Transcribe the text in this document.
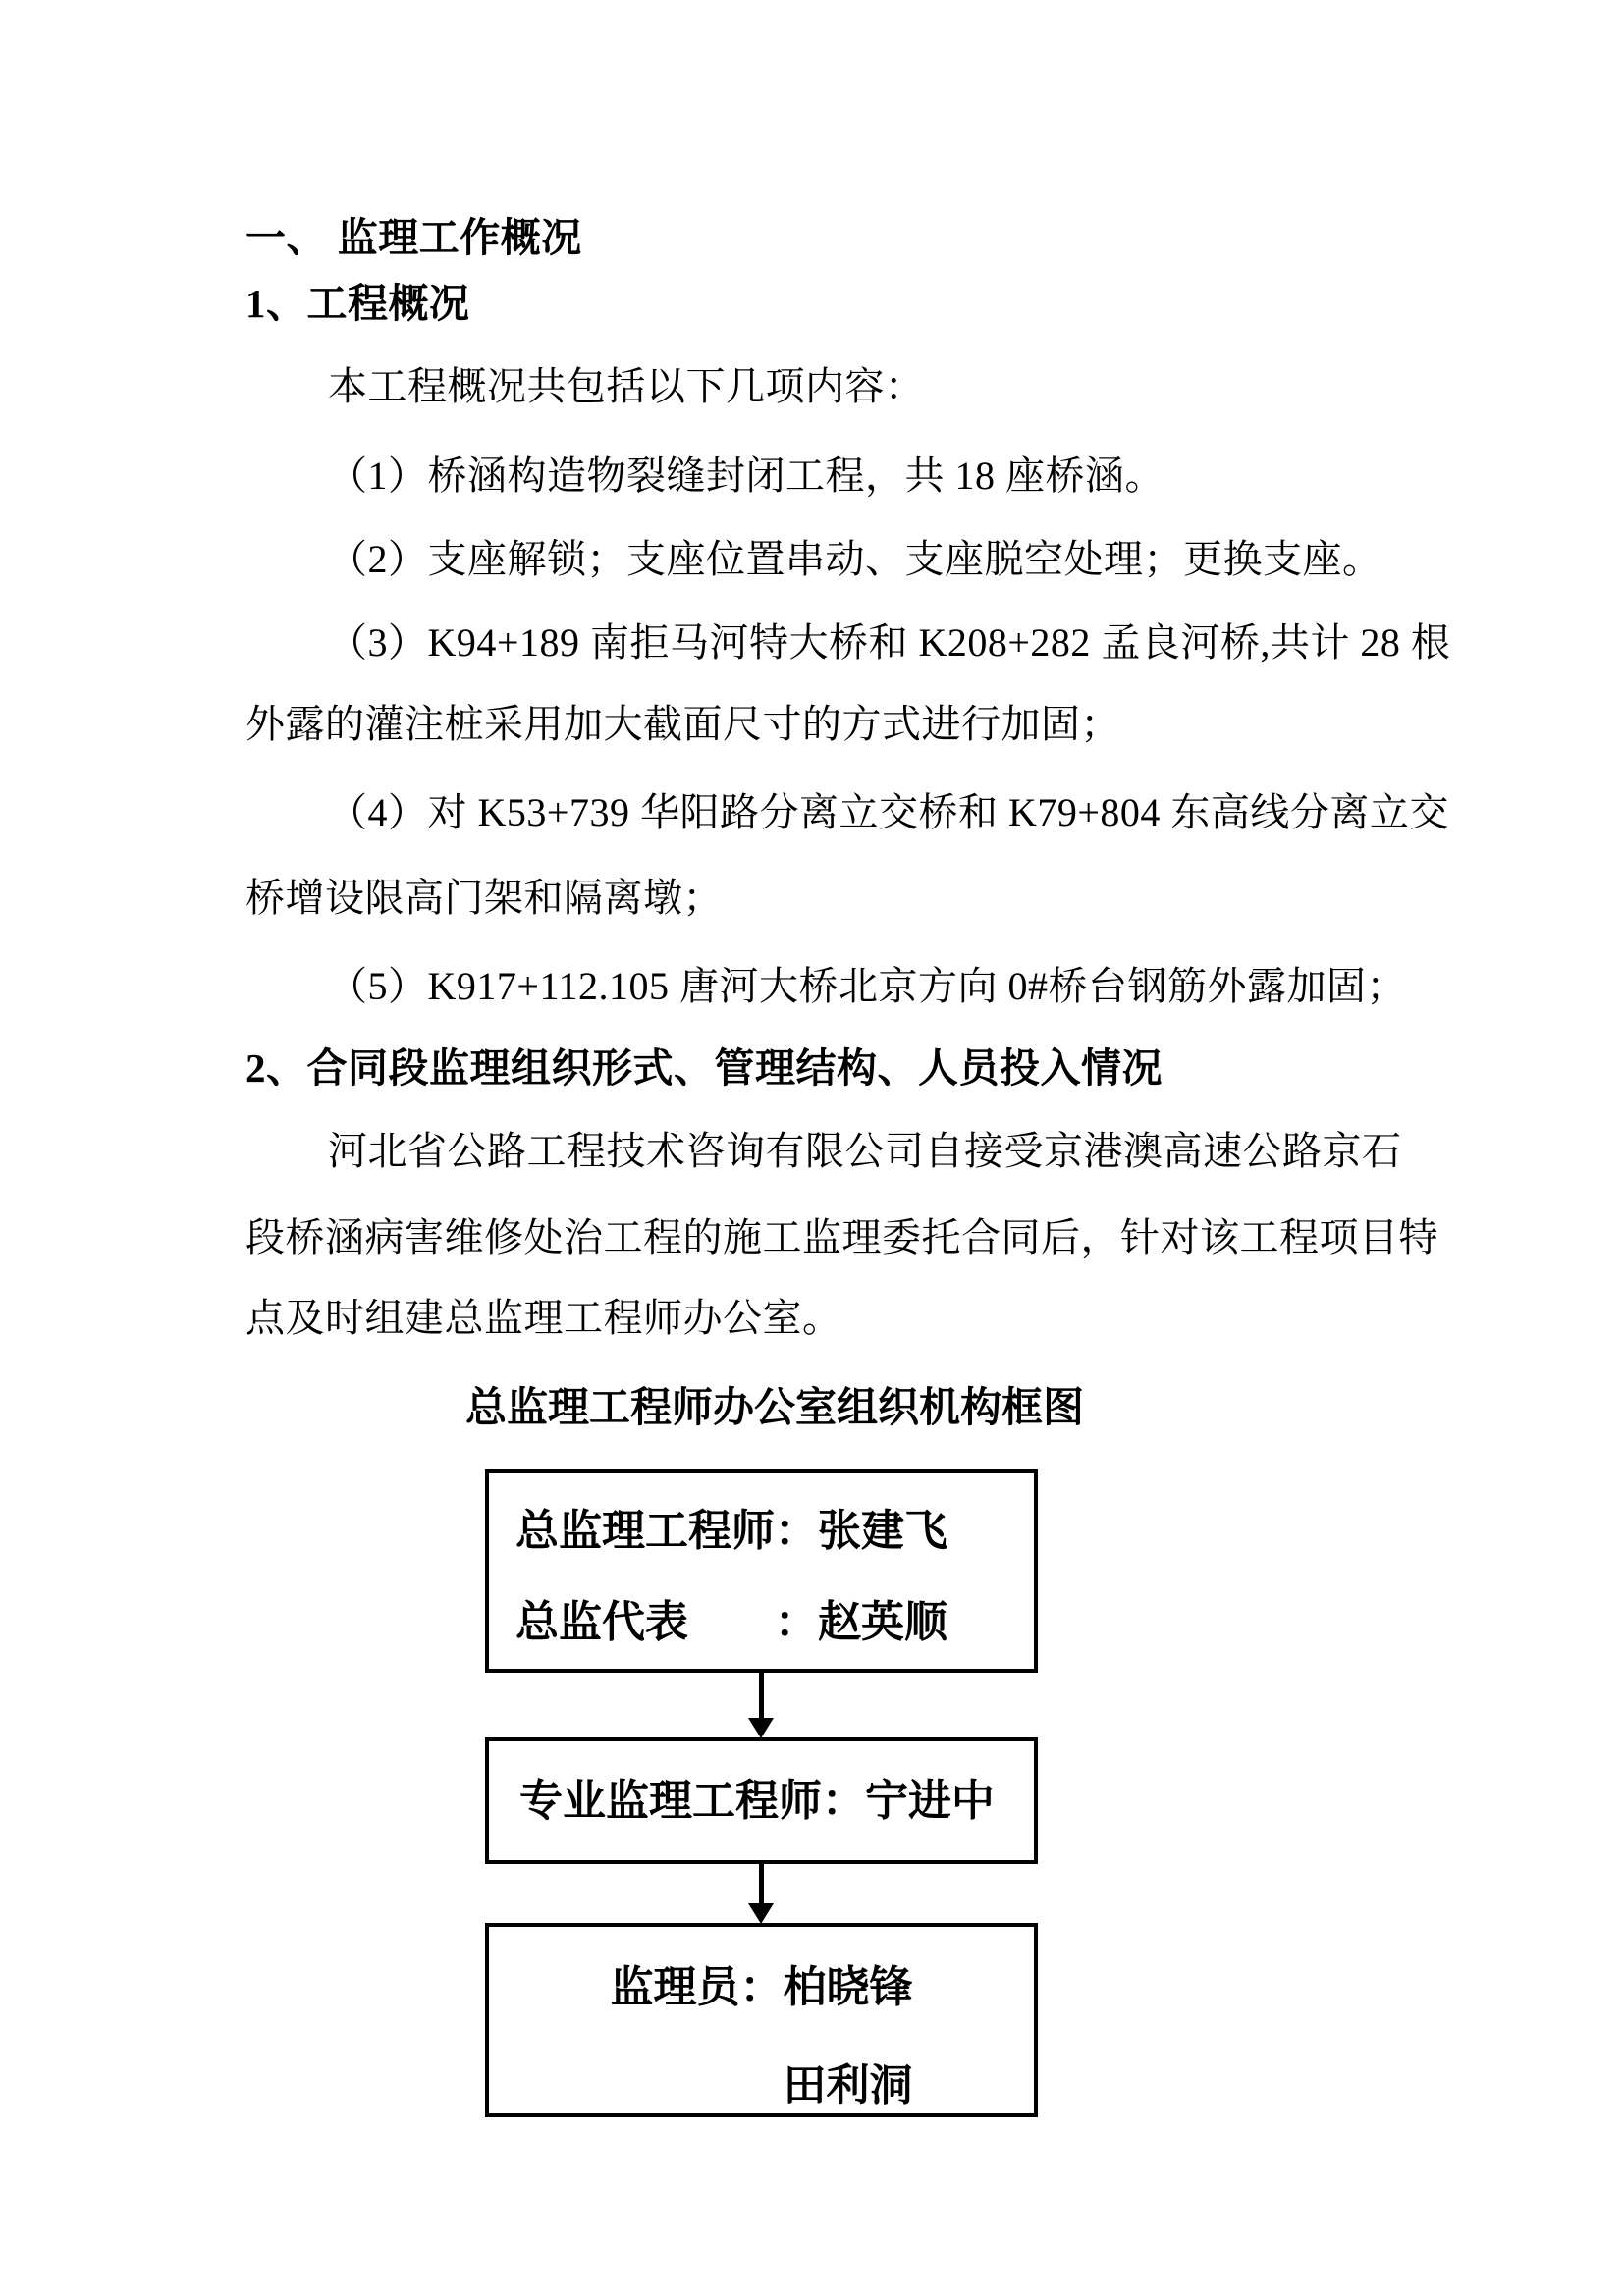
一、 监理工作概况
1、工程概况
本工程概况共包括以下几项内容：
（1）桥涵构造物裂缝封闭工程，共 18 座桥涵。
（2）支座解锁；支座位置串动、支座脱空处理；更换支座。
（3）K94+189 南拒马河特大桥和 K208+282 孟良河桥,共计 28 根
外露的灌注桩采用加大截面尺寸的方式进行加固；
（4）对 K53+739 华阳路分离立交桥和 K79+804 东高线分离立交
桥增设限高门架和隔离墩；
（5）K917+112.105 唐河大桥北京方向 0#桥台钢筋外露加固；
2、合同段监理组织形式、管理结构、人员投入情况
河北省公路工程技术咨询有限公司自接受京港澳高速公路京石
段桥涵病害维修处治工程的施工监理委托合同后，针对该工程项目特
点及时组建总监理工程师办公室。
总监理工程师办公室组织机构框图
总监理工程师：张建飞
总监代表　　：赵英顺
专业监理工程师：宁进中
监理员：柏晓锋
　　　　田利洞
